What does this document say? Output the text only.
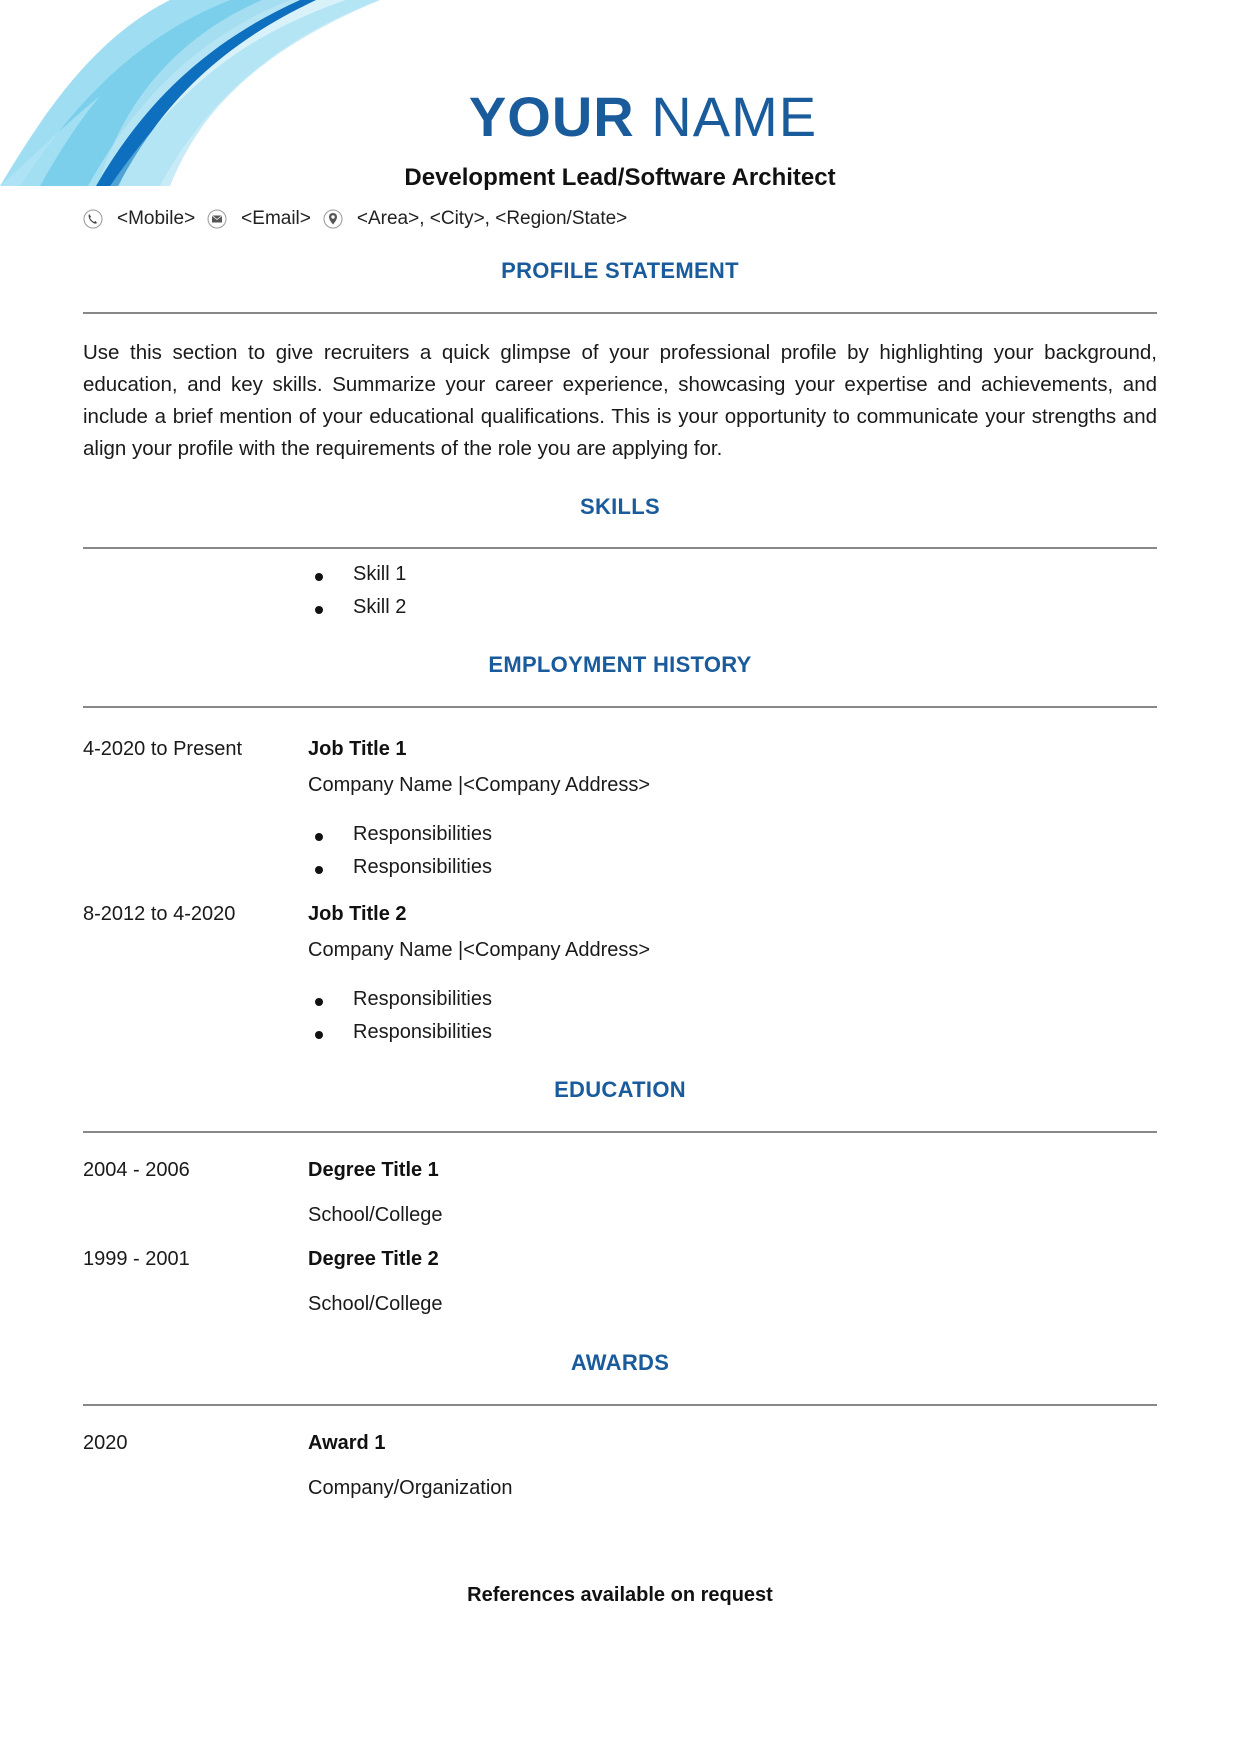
YOUR NAME
Development Lead/Software Architect
<Mobile> <Email> <Area>, <City>, <Region/State>
PROFILE STATEMENT
Use this section to give recruiters a quick glimpse of your professional profile by highlighting your background, education, and key skills. Summarize your career experience, showcasing your expertise and achievements, and include a brief mention of your educational qualifications. This is your opportunity to communicate your strengths and align your profile with the requirements of the role you are applying for.
SKILLS
Skill 1
Skill 2
EMPLOYMENT HISTORY
4-2020 to Present	Job Title 1
Company Name |<Company Address>
Responsibilities
Responsibilities
8-2012 to 4-2020	Job Title 2
Company Name |<Company Address>
Responsibilities
Responsibilities
EDUCATION
2004 - 2006	Degree Title 1
School/College
1999 - 2001	Degree Title 2
School/College
AWARDS
2020	Award 1
Company/Organization
References available on request
